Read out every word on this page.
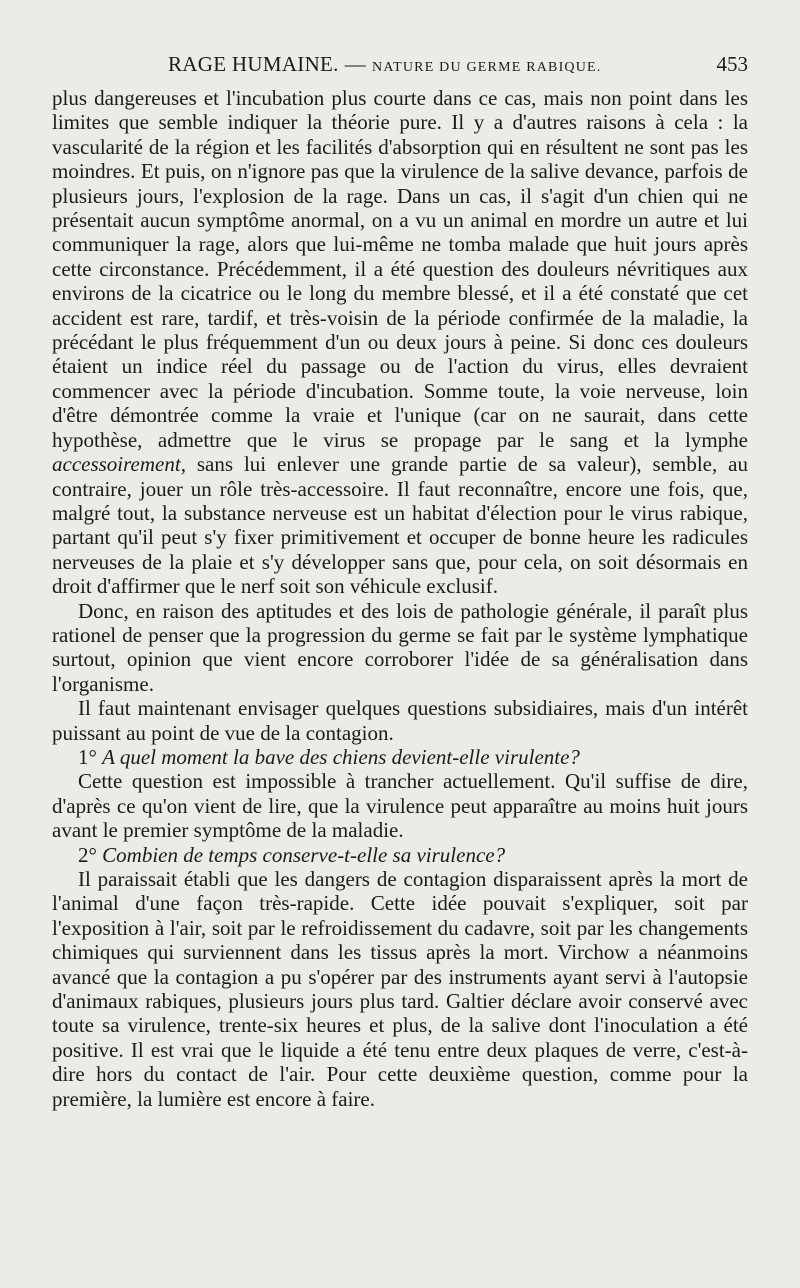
RAGE HUMAINE. — NATURE DU GERME RABIQUE.	453

plus dangereuses et l'incubation plus courte dans ce cas, mais non point dans les limites que semble indiquer la théorie pure. Il y a d'autres raisons à cela : la vascularité de la région et les facilités d'absorption qui en résultent ne sont pas les moindres. Et puis, on n'ignore pas que la virulence de la salive devance, parfois de plusieurs jours, l'explosion de la rage. Dans un cas, il s'agit d'un chien qui ne présentait aucun symptôme anormal, on a vu un animal en mordre un autre et lui communiquer la rage, alors que lui-même ne tomba malade que huit jours après cette circonstance. Précédemment, il a été question des douleurs névritiques aux environs de la cicatrice ou le long du membre blessé, et il a été constaté que cet accident est rare, tardif, et très-voisin de la période confirmée de la maladie, la précédant le plus fréquemment d'un ou deux jours à peine. Si donc ces douleurs étaient un indice réel du passage ou de l'action du virus, elles devraient commencer avec la période d'incubation. Somme toute, la voie nerveuse, loin d'être démontrée comme la vraie et l'unique (car on ne saurait, dans cette hypothèse, admettre que le virus se propage par le sang et la lymphe accessoirement, sans lui enlever une grande partie de sa valeur), semble, au contraire, jouer un rôle très-accessoire. Il faut reconnaître, encore une fois, que, malgré tout, la substance nerveuse est un habitat d'élection pour le virus rabique, partant qu'il peut s'y fixer primitivement et occuper de bonne heure les radicules nerveuses de la plaie et s'y développer sans que, pour cela, on soit désormais en droit d'affirmer que le nerf soit son véhicule exclusif.

Donc, en raison des aptitudes et des lois de pathologie générale, il paraît plus rationel de penser que la progression du germe se fait par le système lymphatique surtout, opinion que vient encore corroborer l'idée de sa généralisation dans l'organisme.

Il faut maintenant envisager quelques questions subsidiaires, mais d'un intérêt puissant au point de vue de la contagion.

1° A quel moment la bave des chiens devient-elle virulente?

Cette question est impossible à trancher actuellement. Qu'il suffise de dire, d'après ce qu'on vient de lire, que la virulence peut apparaître au moins huit jours avant le premier symptôme de la maladie.

2° Combien de temps conserve-t-elle sa virulence?

Il paraissait établi que les dangers de contagion disparaissent après la mort de l'animal d'une façon très-rapide. Cette idée pouvait s'expliquer, soit par l'exposition à l'air, soit par le refroidissement du cadavre, soit par les changements chimiques qui surviennent dans les tissus après la mort. Virchow a néanmoins avancé que la contagion a pu s'opérer par des instruments ayant servi à l'autopsie d'animaux rabiques, plusieurs jours plus tard. Galtier déclare avoir conservé avec toute sa virulence, trente-six heures et plus, de la salive dont l'inoculation a été positive. Il est vrai que le liquide a été tenu entre deux plaques de verre, c'est-à-dire hors du contact de l'air. Pour cette deuxième question, comme pour la première, la lumière est encore à faire.
